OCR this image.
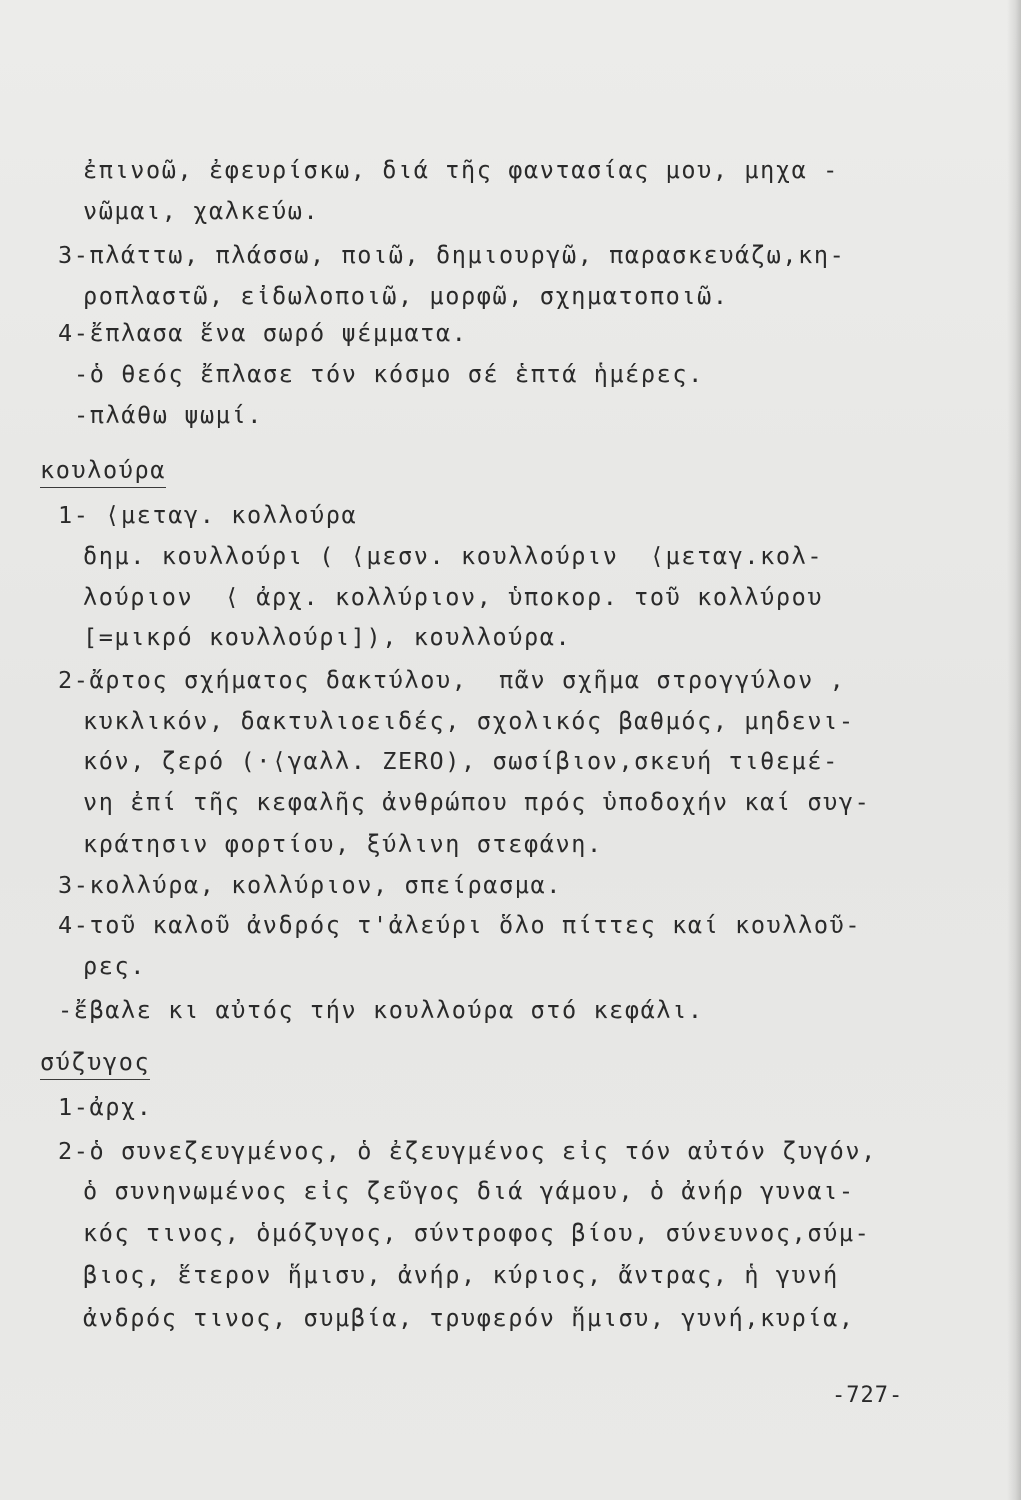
ἐπινοῶ, ἐφευρίσκω, διά τῆς φαντασίας μου, μηχα -
νῶμαι, χαλκεύω.
3-πλάττω, πλάσσω, ποιῶ, δημιουργῶ, παρασκευάζω,κη-
ροπλαστῶ, εἰδωλοποιῶ, μορφῶ, σχηματοποιῶ.
4-ἔπλασα ἕνα σωρό ψέμματα.
-ὁ θεός ἔπλασε τόν κόσμο σέ ἑπτά ἡμέρες.
-πλάθω ψωμί.
κουλούρα
1- ⟨μεταγ. κολλούρα
δημ. κουλλούρι ( ⟨μεσν. κουλλούριν  ⟨μεταγ.κολ-
λούριον  ⟨ ἀρχ. κολλύριον, ὑποκορ. τοῦ κολλύρου
[=μικρό κουλλούρι]), κουλλούρα.
2-ἄρτος σχήματος δακτύλου,  πᾶν σχῆμα στρογγύλον ,
κυκλικόν, δακτυλιοειδές, σχολικός βαθμός, μηδενι-
κόν, ζερό (·⟨γαλλ. ZERO), σωσίβιον,σκευή τιθεμέ-
νη ἐπί τῆς κεφαλῆς ἀνθρώπου πρός ὑποδοχήν καί συγ-
κράτησιν φορτίου, ξύλινη στεφάνη.
3-κολλύρα, κολλύριον, σπείρασμα.
4-τοῦ καλοῦ ἀνδρός τ'ἀλεύρι ὅλο πίττες καί κουλλοῦ-
ρες.
-ἔβαλε κι αὐτός τήν κουλλούρα στό κεφάλι.
σύζυγος
1-ἀρχ.
2-ὁ συνεζευγμένος, ὁ ἐζευγμένος εἰς τόν αὐτόν ζυγόν,
ὁ συνηνωμένος εἰς ζεῦγος διά γάμου, ὁ ἀνήρ γυναι-
κός τινος, ὁμόζυγος, σύντροφος βίου, σύνευνος,σύμ-
βιος, ἕτερον ἥμισυ, ἀνήρ, κύριος, ἄντρας, ἡ γυνή
ἀνδρός τινος, συμβία, τρυφερόν ἥμισυ, γυνή,κυρία,
-727-
